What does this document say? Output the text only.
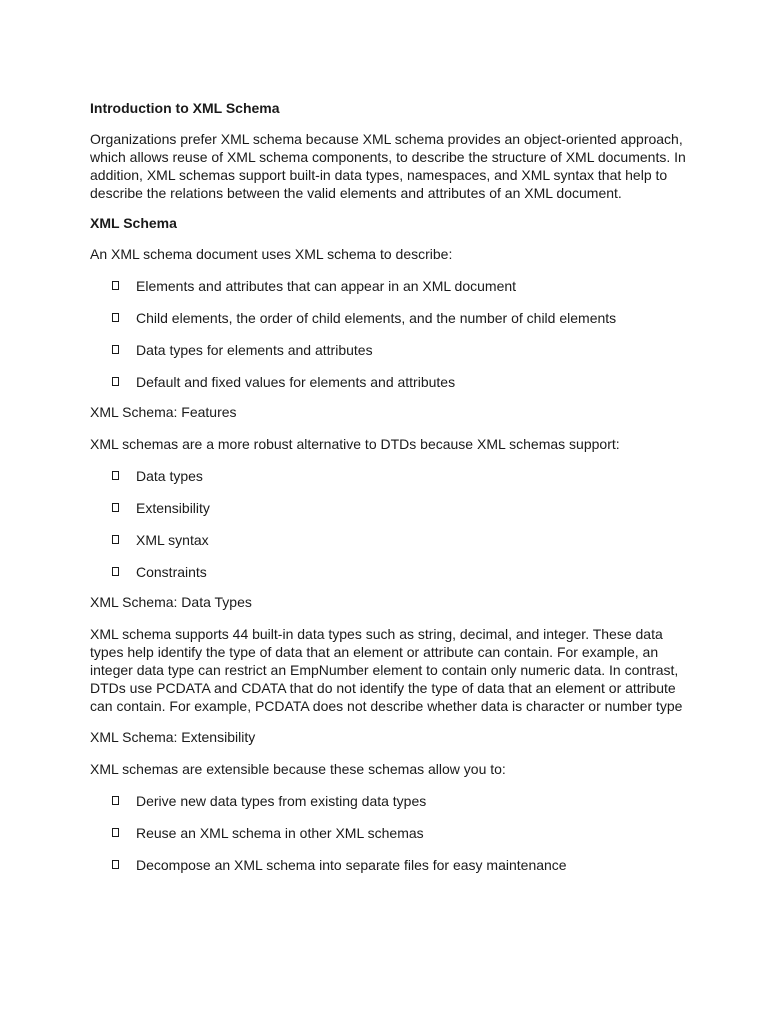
Introduction to XML Schema

Organizations prefer XML schema because XML schema provides an object-oriented approach, which allows reuse of XML schema components, to describe the structure of XML documents. In addition, XML schemas support built-in data types, namespaces, and XML syntax that help to describe the relations between the valid elements and attributes of an XML document.

XML Schema

An XML schema document uses XML schema to describe:

Elements and attributes that can appear in an XML document
Child elements, the order of child elements, and the number of child elements
Data types for elements and attributes
Default and fixed values for elements and attributes

XML Schema: Features

XML schemas are a more robust alternative to DTDs because XML schemas support:

Data types
Extensibility
XML syntax
Constraints

XML Schema: Data Types

XML schema supports 44 built-in data types such as string, decimal, and integer. These data types help identify the type of data that an element or attribute can contain. For example, an integer data type can restrict an EmpNumber element to contain only numeric data. In contrast, DTDs use PCDATA and CDATA that do not identify the type of data that an element or attribute can contain. For example, PCDATA does not describe whether data is character or number type

XML Schema: Extensibility

XML schemas are extensible because these schemas allow you to:

Derive new data types from existing data types
Reuse an XML schema in other XML schemas
Decompose an XML schema into separate files for easy maintenance
